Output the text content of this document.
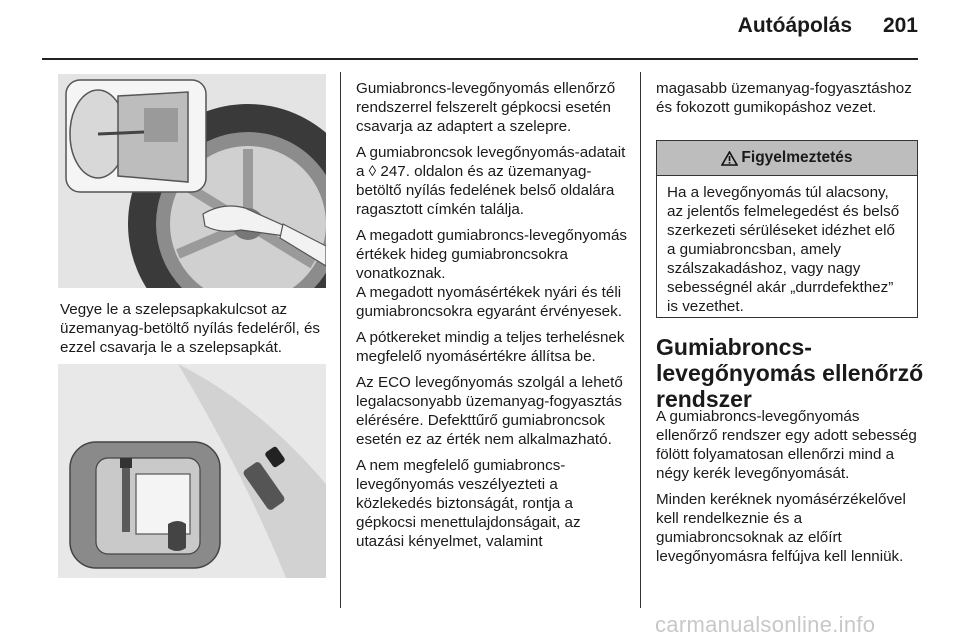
Autóápolás	201
Vegye le a szelepsapkakulcsot az üzemanyag-betöltő nyílás fedeléről, és ezzel csavarja le a szelepsapkát.

Gumiabroncs-levegőnyomás ellenőrző rendszerrel felszerelt gépkocsi esetén csavarja az adaptert a szelepre.

A gumiabroncsok levegőnyomás-adatait a ◊ 247. oldalon és az üzemanyag-betöltő nyílás fedelének belső oldalára ragasztott címkén találja.

A megadott gumiabroncs-levegőnyomás értékek hideg gumiabroncsokra vonatkoznak.

A megadott nyomásértékek nyári és téli gumiabroncsokra egyaránt érvényesek.

A pótkereket mindig a teljes terhelésnek megfelelő nyomásértékre állítsa be.

Az ECO levegőnyomás szolgál a lehető legalacsonyabb üzemanyag-fogyasztás elérésére. Defekttűrő gumiabroncsok esetén ez az érték nem alkalmazható.

A nem megfelelő gumiabroncs-levegőnyomás veszélyezteti a közlekedés biztonságát, rontja a gépkocsi menettulajdonságait, az utazási kényelmet, valamint

magasabb üzemanyag-fogyasztáshoz és fokozott gumikopáshoz vezet.
Figyelmeztetés
Ha a levegőnyomás túl alacsony, az jelentős felmelegedést és belső szerkezeti sérüléseket idézhet elő a gumiabroncsban, amely szálszakadáshoz, vagy nagy sebességnél akár „durrdefekthez” is vezethet.
Gumiabroncs-levegőnyomás ellenőrző rendszer

A gumiabroncs-levegőnyomás ellenőrző rendszer egy adott sebesség fölött folyamatosan ellenőrzi mind a négy kerék levegőnyomását.

Minden keréknek nyomásérzékelővel kell rendelkeznie és a gumiabroncsoknak az előírt levegőnyomásra felfújva kell lenniük.

carmanualsonline.info
